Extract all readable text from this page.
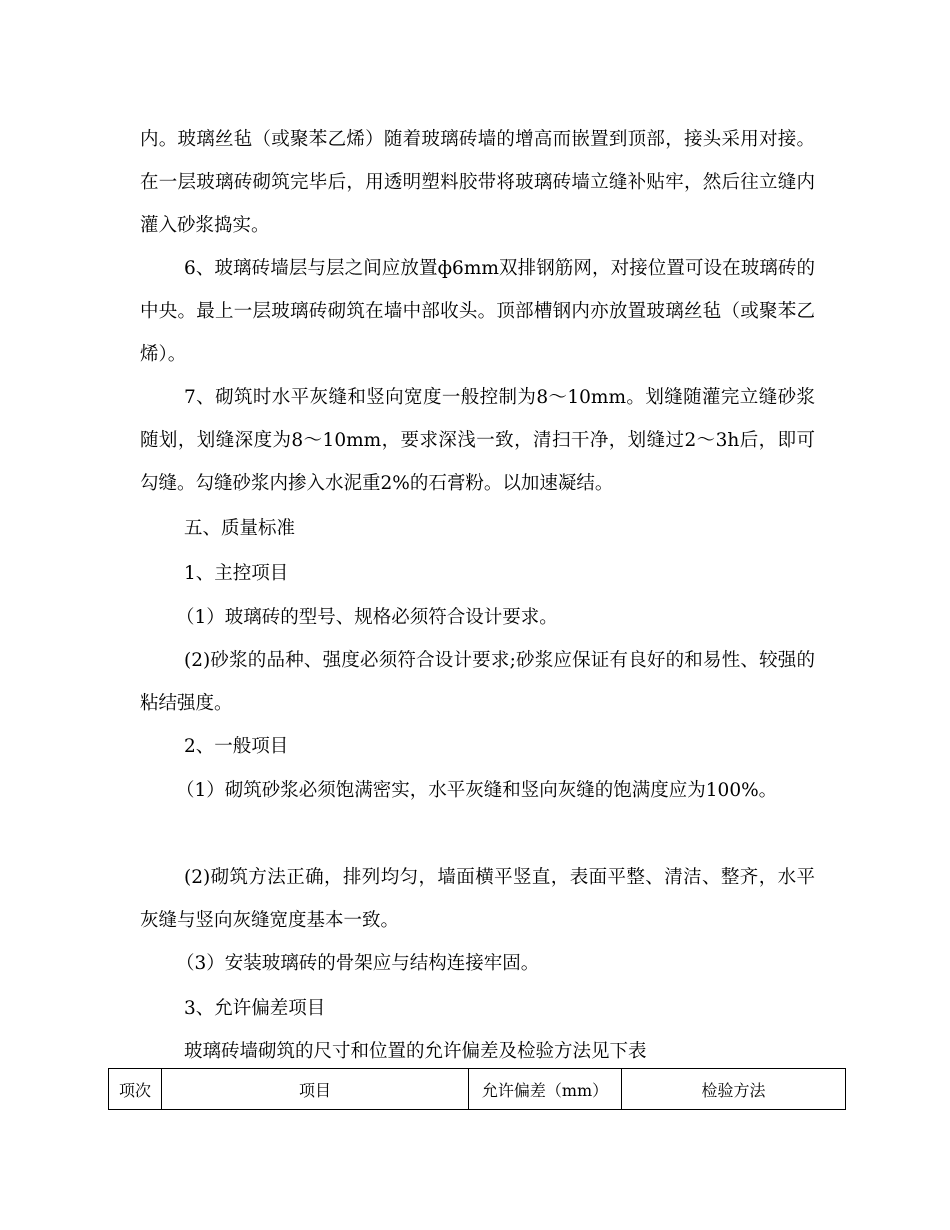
内。玻璃丝毡（或聚苯乙烯）随着玻璃砖墙的增高而嵌置到顶部，接头采用对接。在一层玻璃砖砌筑完毕后，用透明塑料胶带将玻璃砖墙立缝补贴牢，然后往立缝内灌入砂浆捣实。

6、玻璃砖墙层与层之间应放置ф6mm双排钢筋网，对接位置可设在玻璃砖的中央。最上一层玻璃砖砌筑在墙中部收头。顶部槽钢内亦放置玻璃丝毡（或聚苯乙烯）。

7、砌筑时水平灰缝和竖向宽度一般控制为8～10mm。划缝随灌完立缝砂浆随划，划缝深度为8～10mm，要求深浅一致，清扫干净，划缝过2～3h后，即可勾缝。勾缝砂浆内掺入水泥重2%的石膏粉。以加速凝结。

五、质量标准

1、主控项目

（1）玻璃砖的型号、规格必须符合设计要求。

(2)砂浆的品种、强度必须符合设计要求;砂浆应保证有良好的和易性、较强的粘结强度。

2、一般项目

（1）砌筑砂浆必须饱满密实，水平灰缝和竖向灰缝的饱满度应为100%。

(2)砌筑方法正确，排列均匀，墙面横平竖直，表面平整、清洁、整齐，水平灰缝与竖向灰缝宽度基本一致。

（3）安装玻璃砖的骨架应与结构连接牢固。

3、允许偏差项目

玻璃砖墙砌筑的尺寸和位置的允许偏差及检验方法见下表

项次	项目	允许偏差（mm）	检验方法
